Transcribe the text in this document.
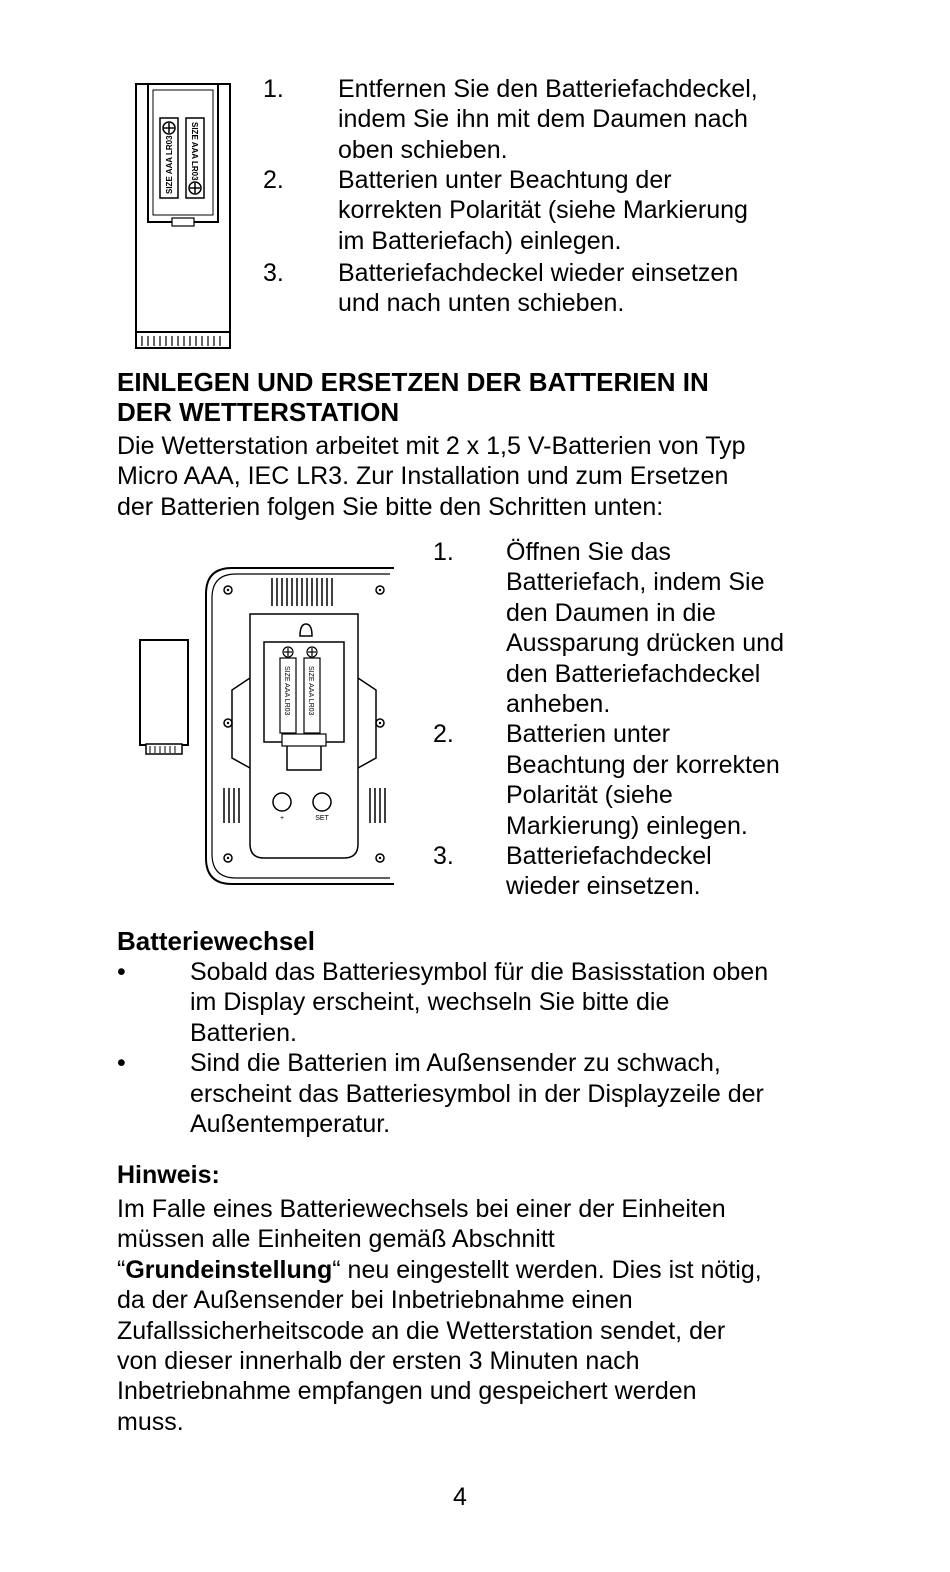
SIZE AAA LR03 SIZE AAA LR03
1. Entfernen Sie den Batteriefachdeckel,
indem Sie ihn mit dem Daumen nach
oben schieben.
2. Batterien unter Beachtung der
korrekten Polarität (siehe Markierung
im Batteriefach) einlegen.
3. Batteriefachdeckel wieder einsetzen
und nach unten schieben.
EINLEGEN UND ERSETZEN DER BATTERIEN IN
DER WETTERSTATION
Die Wetterstation arbeitet mit 2 x 1,5 V-Batterien von Typ
Micro AAA, IEC LR3. Zur Installation und zum Ersetzen
der Batterien folgen Sie bitte den Schritten unten:
SIZE AAA LR03 SIZE AAA LR03
+	SET
1. Öffnen Sie das
Batteriefach, indem Sie
den Daumen in die
Aussparung drücken und
den Batteriefachdeckel
anheben.
2. Batterien unter
Beachtung der korrekten
Polarität (siehe
Markierung) einlegen.
3. Batteriefachdeckel
wieder einsetzen.
Batteriewechsel
•	Sobald das Batteriesymbol für die Basisstation oben
im Display erscheint, wechseln Sie bitte die
Batterien.
•	Sind die Batterien im Außensender zu schwach,
erscheint das Batteriesymbol in der Displayzeile der
Außentemperatur.
Hinweis:
Im Falle eines Batteriewechsels bei einer der Einheiten
müssen alle Einheiten gemäß Abschnitt
“Grundeinstellung“ neu eingestellt werden. Dies ist nötig,
da der Außensender bei Inbetriebnahme einen
Zufallssicherheitscode an die Wetterstation sendet, der
von dieser innerhalb der ersten 3 Minuten nach
Inbetriebnahme empfangen und gespeichert werden
muss.
4
